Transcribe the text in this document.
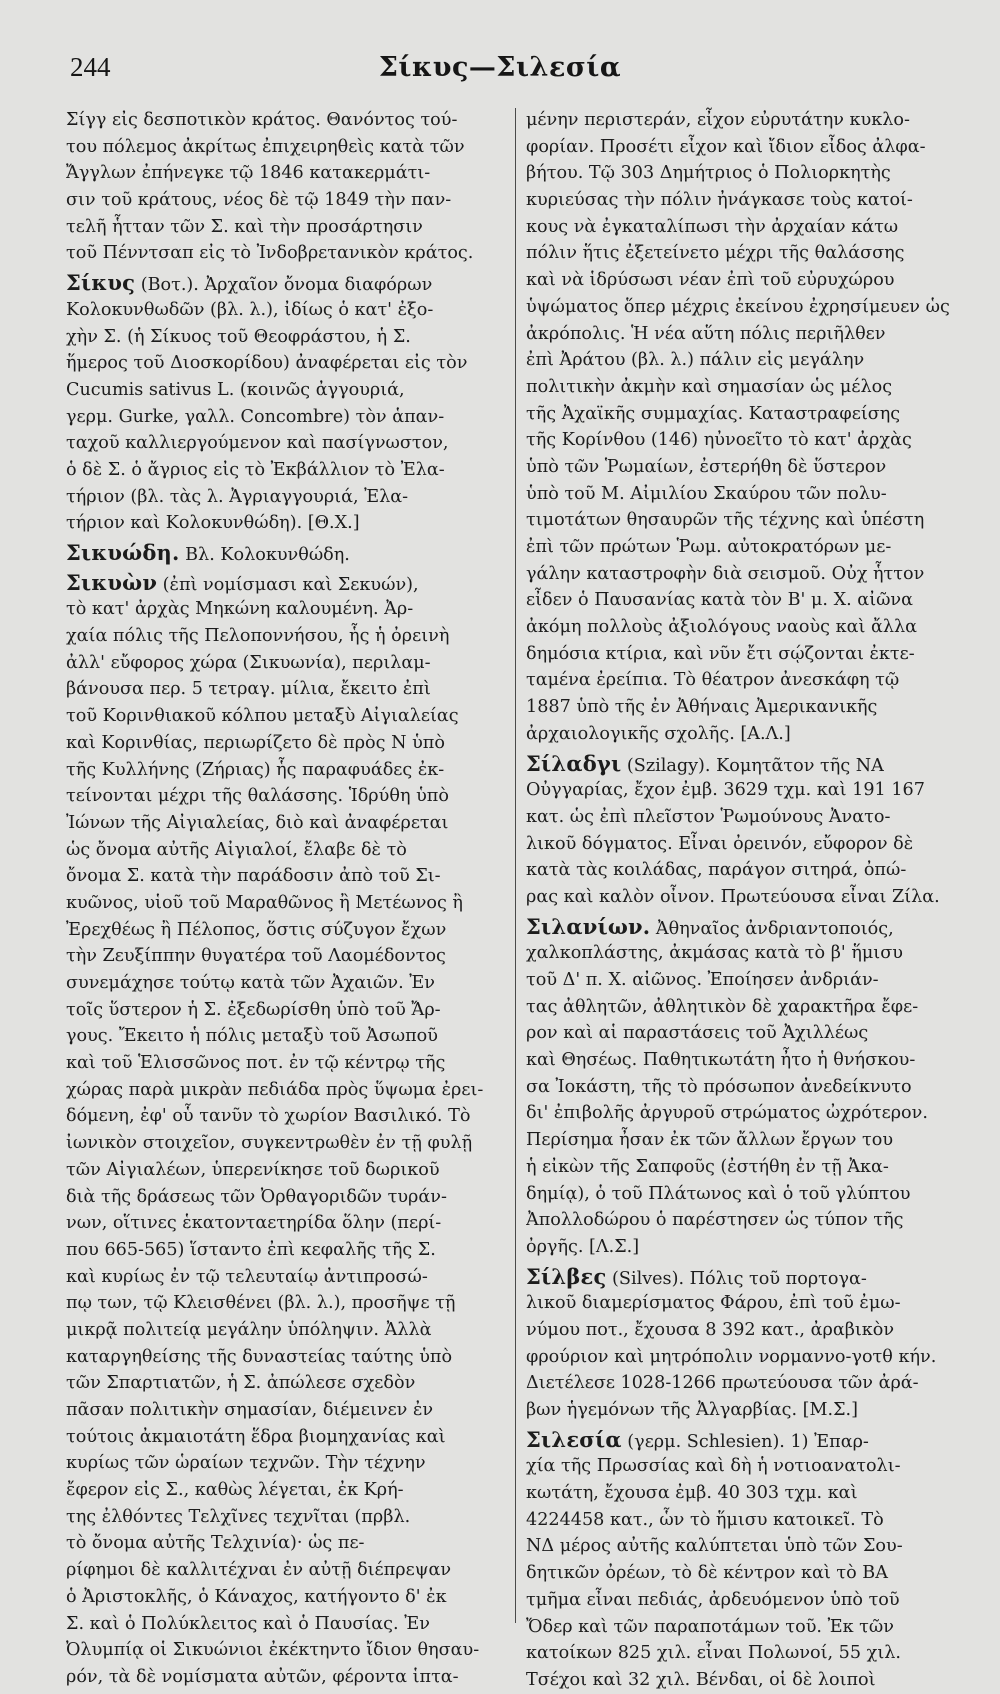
244	Σίκυς—Σιλεσία
Σίγγ εἰς δεσποτικὸν κράτος. Θανόντος τού-
του πόλεμος ἀκρίτως ἐπιχειρηθεὶς κατὰ τῶν
Ἄγγλων ἐπήνεγκε τῷ 1846 κατακερμάτι-
σιν τοῦ κράτους, νέος δὲ τῷ 1849 τὴν παν-
τελῆ ἧτταν τῶν Σ. καὶ τὴν προσάρτησιν
τοῦ Πένντσαπ εἰς τὸ Ἰνδοβρετανικὸν κράτος.
Σίκυς (Βοτ.). Ἀρχαῖον ὄνομα διαφόρων
Κολοκυνθωδῶν (βλ. λ.), ἰδίως ὁ κατ' ἐξο-
χὴν Σ. (ἡ Σίκυος τοῦ Θεοφράστου, ἡ Σ.
ἥμερος τοῦ Διοσκορίδου) ἀναφέρεται εἰς τὸν
Cucumis sativus L. (κοινῶς ἀγγουριά,
γερμ. Gurke, γαλλ. Concombre) τὸν ἁπαν-
ταχοῦ καλλιεργούμενον καὶ πασίγνωστον,
ὁ δὲ Σ. ὁ ἄγριος εἰς τὸ Ἐκβάλλιον τὸ Ἐλα-
τήριον (βλ. τὰς λ. Ἀγριαγγουριά, Ἐλα-
τήριον καὶ Κολοκυνθώδη). [Θ.Χ.]
Σικυώδη. Βλ. Κολοκυνθώδη.
Σικυὼν (ἐπὶ νομίσμασι καὶ Σεκυών),
τὸ κατ' ἀρχὰς Μηκώνη καλουμένη. Ἀρ-
χαία πόλις τῆς Πελοποννήσου, ἧς ἡ ὀρεινὴ
ἀλλ' εὔφορος χώρα (Σικυωνία), περιλαμ-
βάνουσα περ. 5 τετραγ. μίλια, ἔκειτο ἐπὶ
τοῦ Κορινθιακοῦ κόλπου μεταξὺ Αἰγιαλείας
καὶ Κορινθίας, περιωρίζετο δὲ πρὸς Ν ὑπὸ
τῆς Κυλλήνης (Ζήριας) ἧς παραφυάδες ἐκ-
τείνονται μέχρι τῆς θαλάσσης. Ἱδρύθη ὑπὸ
Ἰώνων τῆς Αἰγιαλείας, διὸ καὶ ἀναφέρεται
ὡς ὄνομα αὐτῆς Αἰγιαλοί, ἔλαβε δὲ τὸ
ὄνομα Σ. κατὰ τὴν παράδοσιν ἀπὸ τοῦ Σι-
κυῶνος, υἱοῦ τοῦ Μαραθῶνος ἢ Μετέωνος ἢ
Ἐρεχθέως ἢ Πέλοπος, ὅστις σύζυγον ἔχων
τὴν Ζευξίππην θυγατέρα τοῦ Λαομέδοντος
συνεμάχησε τούτῳ κατὰ τῶν Ἀχαιῶν. Ἐν
τοῖς ὕστερον ἡ Σ. ἐξεδωρίσθη ὑπὸ τοῦ Ἄρ-
γους. Ἔκειτο ἡ πόλις μεταξὺ τοῦ Ἀσωποῦ
καὶ τοῦ Ἑλισσῶνος ποτ. ἐν τῷ κέντρῳ τῆς
χώρας παρὰ μικρὰν πεδιάδα πρὸς ὕψωμα ἐρει-
δόμενη, ἐφ' οὗ τανῦν τὸ χωρίον Βασιλικό. Τὸ
ἰωνικὸν στοιχεῖον, συγκεντρωθὲν ἐν τῇ φυλῇ
τῶν Αἰγιαλέων, ὑπερενίκησε τοῦ δωρικοῦ
διὰ τῆς δράσεως τῶν Ὀρθαγοριδῶν τυράν-
νων, οἵτινες ἑκατονταετηρίδα ὅλην (περί-
που 665-565) ἵσταντο ἐπὶ κεφαλῆς τῆς Σ.
καὶ κυρίως ἐν τῷ τελευταίῳ ἀντιπροσώ-
πῳ των, τῷ Κλεισθένει (βλ. λ.), προσῆψε τῇ
μικρᾷ πολιτείᾳ μεγάλην ὑπόληψιν. Ἀλλὰ
καταργηθείσης τῆς δυναστείας ταύτης ὑπὸ
τῶν Σπαρτιατῶν, ἡ Σ. ἀπώλεσε σχεδὸν
πᾶσαν πολιτικὴν σημασίαν, διέμεινεν ἐν
τούτοις ἀκμαιοτάτη ἕδρα βιομηχανίας καὶ
κυρίως τῶν ὡραίων τεχνῶν. Τὴν τέχνην
ἔφερον εἰς Σ., καθὼς λέγεται, ἐκ Κρή-
της ἐλθόντες Τελχῖνες τεχνῖται (πρβλ.
τὸ ὄνομα αὐτῆς Τελχινία)· ὡς πε-
ρίφημοι δὲ καλλιτέχναι ἐν αὐτῇ διέπρεψαν
ὁ Ἀριστοκλῆς, ὁ Κάναχος, κατήγοντο δ' ἐκ
Σ. καὶ ὁ Πολύκλειτος καὶ ὁ Παυσίας. Ἐν
Ὀλυμπίᾳ οἱ Σικυώνιοι ἐκέκτηντο ἴδιον θησαυ-
ρόν, τὰ δὲ νομίσματα αὐτῶν, φέροντα ἱπτα-
μένην περιστεράν, εἶχον εὐρυτάτην κυκλο-
φορίαν. Προσέτι εἶχον καὶ ἴδιον εἶδος ἀλφα-
βήτου. Τῷ 303 Δημήτριος ὁ Πολιορκητὴς
κυριεύσας τὴν πόλιν ἠνάγκασε τοὺς κατοί-
κους νὰ ἐγκαταλίπωσι τὴν ἀρχαίαν κάτω
πόλιν ἥτις ἐξετείνετο μέχρι τῆς θαλάσσης
καὶ νὰ ἱδρύσωσι νέαν ἐπὶ τοῦ εὐρυχώρου
ὑψώματος ὅπερ μέχρις ἐκείνου ἐχρησίμευεν ὡς
ἀκρόπολις. Ἡ νέα αὕτη πόλις περιῆλθεν
ἐπὶ Ἀράτου (βλ. λ.) πάλιν εἰς μεγάλην
πολιτικὴν ἀκμὴν καὶ σημασίαν ὡς μέλος
τῆς Ἀχαϊκῆς συμμαχίας. Καταστραφείσης
τῆς Κορίνθου (146) ηὐνοεῖτο τὸ κατ' ἀρχὰς
ὑπὸ τῶν Ῥωμαίων, ἐστερήθη δὲ ὕστερον
ὑπὸ τοῦ Μ. Αἰμιλίου Σκαύρου τῶν πολυ-
τιμοτάτων θησαυρῶν τῆς τέχνης καὶ ὑπέστη
ἐπὶ τῶν πρώτων Ῥωμ. αὐτοκρατόρων με-
γάλην καταστροφὴν διὰ σεισμοῦ. Οὐχ ἧττον
εἶδεν ὁ Παυσανίας κατὰ τὸν Β' μ. Χ. αἰῶνα
ἀκόμη πολλοὺς ἀξιολόγους ναοὺς καὶ ἄλλα
δημόσια κτίρια, καὶ νῦν ἔτι σῴζονται ἐκτε-
ταμένα ἐρείπια. Τὸ θέατρον ἀνεσκάφη τῷ
1887 ὑπὸ τῆς ἐν Ἀθήναις Ἀμερικανικῆς
ἀρχαιολογικῆς σχολῆς. [Α.Λ.]
Σίλαδγι (Szilagy). Κομητᾶτον τῆς ΝΑ
Οὐγγαρίας, ἔχον ἐμβ. 3629 τχμ. καὶ 191 167
κατ. ὡς ἐπὶ πλεῖστον Ῥωμούνους Ἀνατο-
λικοῦ δόγματος. Εἶναι ὀρεινόν, εὔφορον δὲ
κατὰ τὰς κοιλάδας, παράγον σιτηρά, ὀπώ-
ρας καὶ καλὸν οἶνον. Πρωτεύουσα εἶναι Ζίλα.
Σιλανίων. Ἀθηναῖος ἀνδριαντοποιός,
χαλκοπλάστης, ἀκμάσας κατὰ τὸ β' ἥμισυ
τοῦ Δ' π. Χ. αἰῶνος. Ἐποίησεν ἀνδριάν-
τας ἀθλητῶν, ἀθλητικὸν δὲ χαρακτῆρα ἔφε-
ρον καὶ αἱ παραστάσεις τοῦ Ἀχιλλέως
καὶ Θησέως. Παθητικωτάτη ἦτο ἡ θνήσκου-
σα Ἰοκάστη, τῆς τὸ πρόσωπον ἀνεδείκνυτο
δι' ἐπιβολῆς ἀργυροῦ στρώματος ὠχρότερον.
Περίσημα ἦσαν ἐκ τῶν ἄλλων ἔργων του
ἡ εἰκὼν τῆς Σαπφοῦς (ἐστήθη ἐν τῇ Ἀκα-
δημίᾳ), ὁ τοῦ Πλάτωνος καὶ ὁ τοῦ γλύπτου
Ἀπολλοδώρου ὁ παρέστησεν ὡς τύπον τῆς
ὀργῆς. [Λ.Σ.]
Σίλβες (Silves). Πόλις τοῦ πορτογα-
λικοῦ διαμερίσματος Φάρου, ἐπὶ τοῦ ἐμω-
νύμου ποτ., ἔχουσα 8 392 κατ., ἀραβικὸν
φρούριον καὶ μητρόπολιν νορμαννο-γοτθ κήν.
Διετέλεσε 1028-1266 πρωτεύουσα τῶν ἀρά-
βων ἡγεμόνων τῆς Ἀλγαρβίας. [Μ.Σ.]
Σιλεσία (γερμ. Schlesien). 1) Ἐπαρ-
χία τῆς Πρωσσίας καὶ δὴ ἡ νοτιοανατολι-
κωτάτη, ἔχουσα ἐμβ. 40 303 τχμ. καὶ
4224458 κατ., ὧν τὸ ἥμισυ κατοικεῖ. Τὸ
ΝΔ μέρος αὐτῆς καλύπτεται ὑπὸ τῶν Σου-
δητικῶν ὀρέων, τὸ δὲ κέντρον καὶ τὸ ΒΑ
τμῆμα εἶναι πεδιάς, ἀρδευόμενον ὑπὸ τοῦ
Ὄδερ καὶ τῶν παραποτάμων τοῦ. Ἐκ τῶν
κατοίκων 825 χιλ. εἶναι Πολωνοί, 55 χιλ.
Τσέχοι καὶ 32 χιλ. Βένδαι, οἱ δὲ λοιποὶ
